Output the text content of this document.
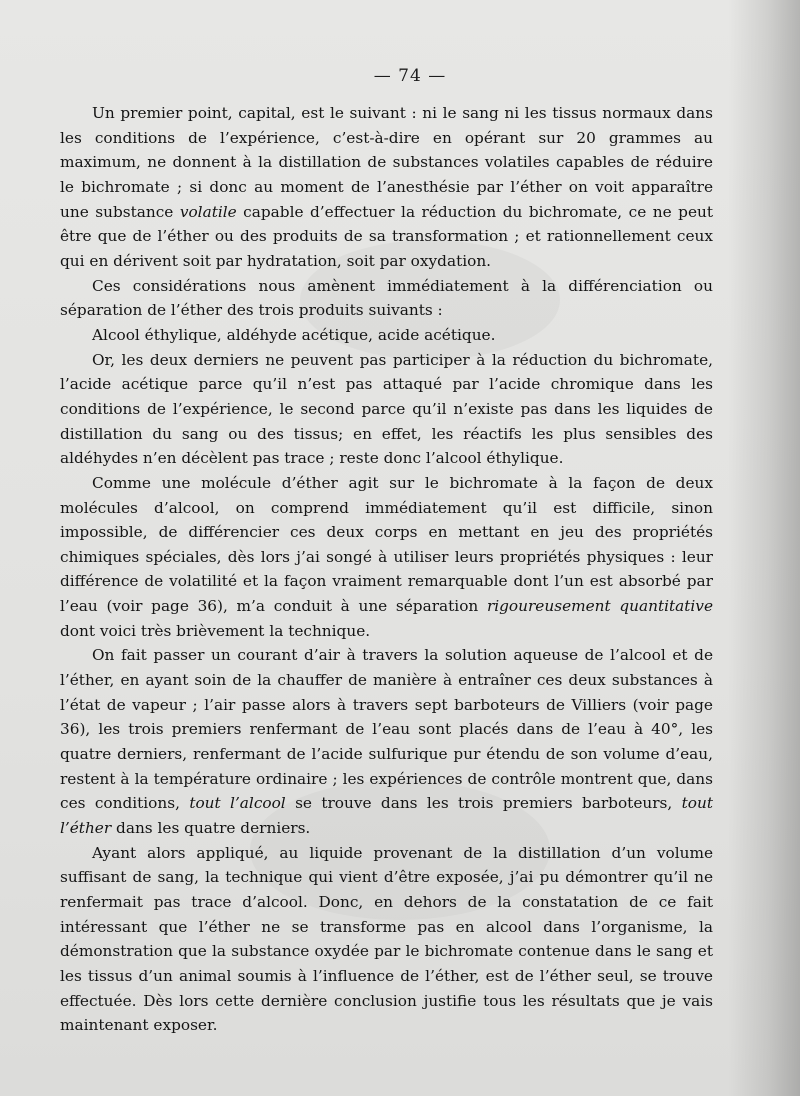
— 74 —

Un premier point, capital, est le suivant : ni le sang ni les tissus normaux dans les conditions de l’expérience, c’est-à-dire en opérant sur 20 grammes au maximum, ne donnent à la distillation de substances volatiles capables de réduire le bichromate ; si donc au moment de l’anesthésie par l’éther on voit apparaître une substance volatile capable d’effectuer la réduction du bichromate, ce ne peut être que de l’éther ou des produits de sa transformation ; et rationnellement ceux qui en dérivent soit par hydratation, soit par oxydation.

Ces considérations nous amènent immédiatement à la différenciation ou séparation de l’éther des trois produits suivants :

Alcool éthylique, aldéhyde acétique, acide acétique.

Or, les deux derniers ne peuvent pas participer à la réduction du bichromate, l’acide acétique parce qu’il n’est pas attaqué par l’acide chromique dans les conditions de l’expérience, le second parce qu’il n’existe pas dans les liquides de distillation du sang ou des tissus; en effet, les réactifs les plus sensibles des aldéhydes n’en décèlent pas trace ; reste donc l’alcool éthylique.

Comme une molécule d’éther agit sur le bichromate à la façon de deux molécules d’alcool, on comprend immédiatement qu’il est difficile, sinon impossible, de différencier ces deux corps en mettant en jeu des propriétés chimiques spéciales, dès lors j’ai songé à utiliser leurs propriétés physiques : leur différence de volatilité et la façon vraiment remarquable dont l’un est absorbé par l’eau (voir page 36), m’a conduit à une séparation rigoureusement quantitative dont voici très brièvement la technique.

On fait passer un courant d’air à travers la solution aqueuse de l’alcool et de l’éther, en ayant soin de la chauffer de manière à entraîner ces deux substances à l’état de vapeur ; l’air passe alors à travers sept barboteurs de Villiers (voir page 36), les trois premiers renfermant de l’eau sont placés dans de l’eau à 40°, les quatre derniers, renfermant de l’acide sulfurique pur étendu de son volume d’eau, restent à la température ordinaire ; les expériences de contrôle montrent que, dans ces conditions, tout l’alcool se trouve dans les trois premiers barboteurs, tout l’éther dans les quatre derniers.

Ayant alors appliqué, au liquide provenant de la distillation d’un volume suffisant de sang, la technique qui vient d’être exposée, j’ai pu démontrer qu’il ne renfermait pas trace d’alcool. Donc, en dehors de la constatation de ce fait intéressant que l’éther ne se transforme pas en alcool dans l’organisme, la démonstration que la substance oxydée par le bichromate contenue dans le sang et les tissus d’un animal soumis à l’influence de l’éther, est de l’éther seul, se trouve effectuée. Dès lors cette dernière conclusion justifie tous les résultats que je vais maintenant exposer.
